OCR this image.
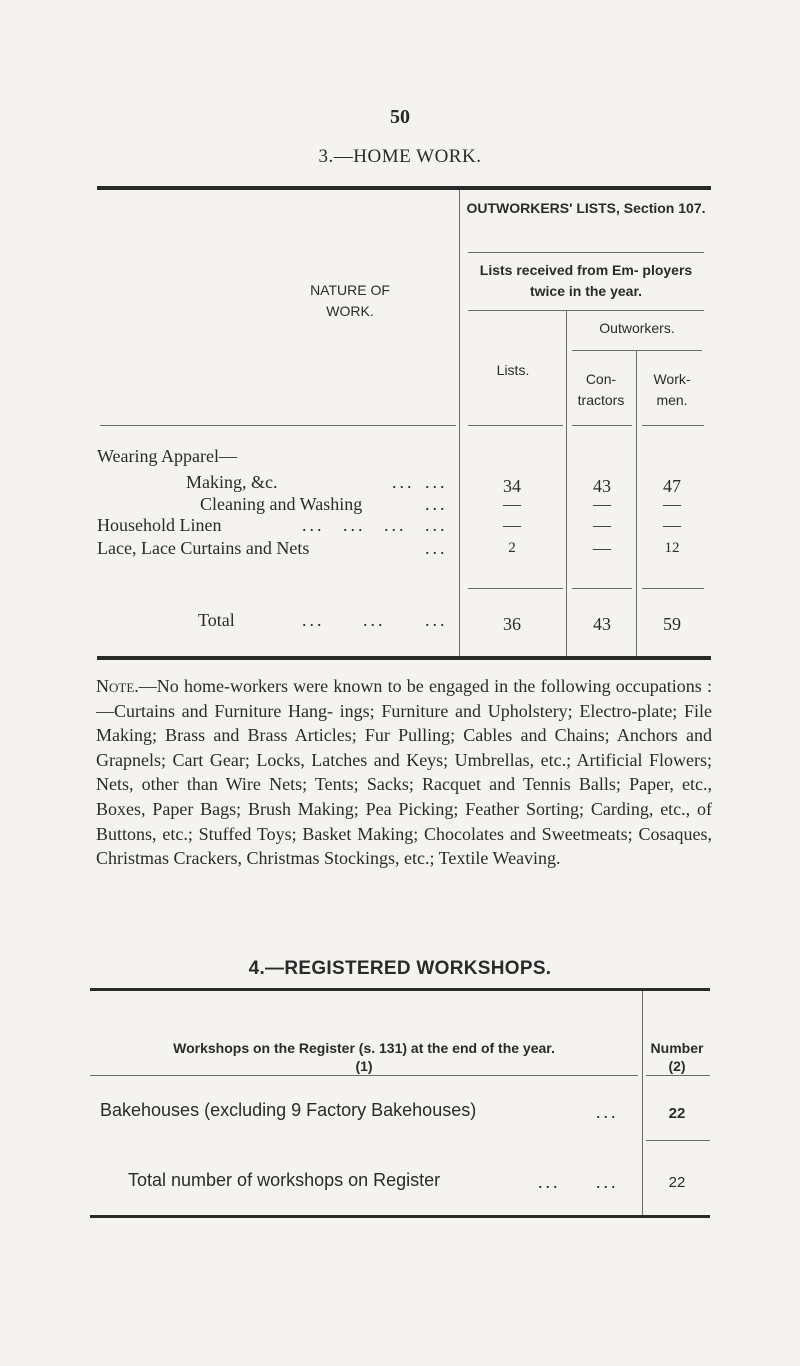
50
3.—HOME WORK.
NATURE OF WORK.
OUTWORKERS' LISTS, Section 107.
Lists received from Em- ployers twice in the year.
Lists.
Outworkers.
Con- tractors
Work- men.
Wearing Apparel—
Making, &c.	... ...	34	43	47
Cleaning and Washing	...	—	—	—
Household Linen	... ... ... ...	—	—	—
Lace, Lace Curtains and Nets	...	2	—	12
Total	... ... ...	36	43	59
Note.—No home-workers were known to be engaged in the following occupations :—Curtains and Furniture Hang- ings; Furniture and Upholstery; Electro-plate; File Making; Brass and Brass Articles; Fur Pulling; Cables and Chains; Anchors and Grapnels; Cart Gear; Locks, Latches and Keys; Umbrellas, etc.; Artificial Flowers; Nets, other than Wire Nets; Tents; Sacks; Racquet and Tennis Balls; Paper, etc., Boxes, Paper Bags; Brush Making; Pea Picking; Feather Sorting; Carding, etc., of Buttons, etc.; Stuffed Toys; Basket Making; Chocolates and Sweetmeats; Cosaques, Christmas Crackers, Christmas Stockings, etc.; Textile Weaving.
4.—REGISTERED WORKSHOPS.
Workshops on the Register (s. 131) at the end of the year.
(1)
Number
(2)
Bakehouses (excluding 9 Factory Bakehouses)	...	22
Total number of workshops on Register	... ...	22
